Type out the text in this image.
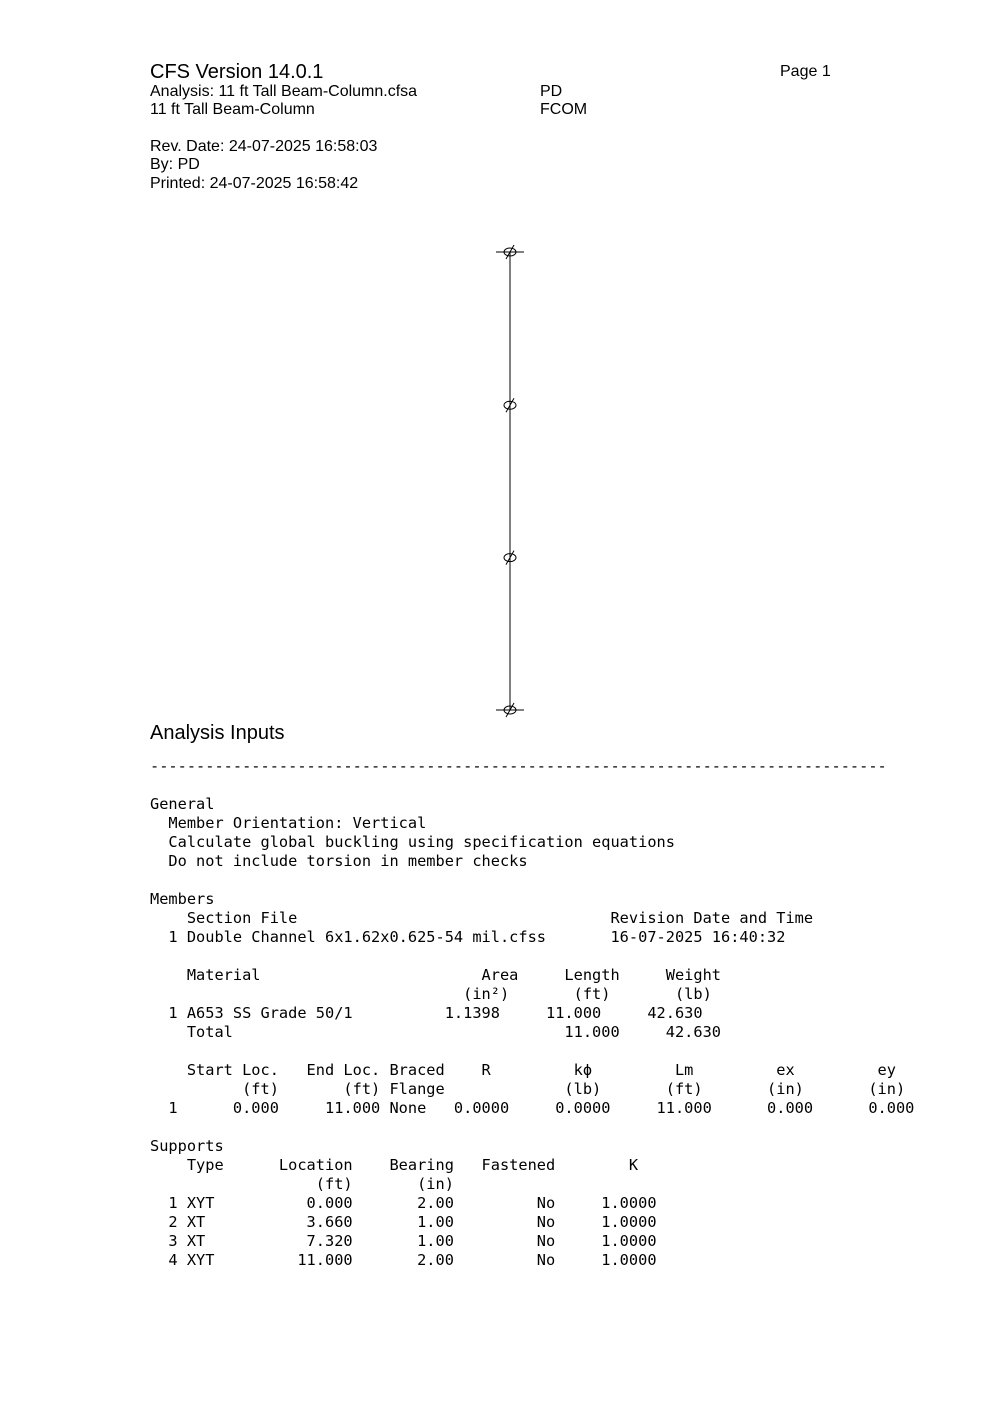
CFS Version 14.0.1	Page 1
Analysis: 11 ft Tall Beam-Column.cfsa
11 ft Tall Beam-Column
PD
FCOM
Rev. Date: 24-07-2025 16:58:03
By: PD
Printed: 24-07-2025 16:58:42
Analysis Inputs

--------------------------------------------------------------------------------
General
Member Orientation: Vertical
Calculate global buckling using specification equations
Do not include torsion in member checks
Members
Section File                                  Revision Date and Time
1 Double Channel 6x1.62x0.625-54 mil.cfss       16-07-2025 16:40:32
Material                        Area     Length     Weight
(in²)       (ft)       (lb)
1 A653 SS Grade 50/1          1.1398     11.000     42.630
Total                                    11.000     42.630
Start Loc.   End Loc. Braced    R         kϕ         Lm         ex         ey
(ft)       (ft) Flange             (lb)       (ft)       (in)       (in)
1      0.000     11.000 None   0.0000     0.0000     11.000      0.000      0.000
Supports
Type      Location    Bearing   Fastened        K
(ft)       (in)
1 XYT          0.000       2.00         No     1.0000
2 XT           3.660       1.00         No     1.0000
3 XT           7.320       1.00         No     1.0000
4 XYT         11.000       2.00         No     1.0000
